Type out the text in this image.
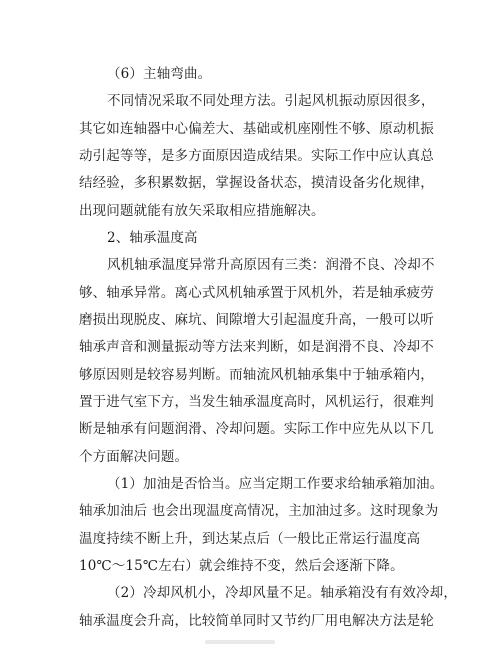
（6）主轴弯曲。
不同情况采取不同处理方法。引起风机振动原因很多，
其它如连轴器中心偏差大、基础或机座刚性不够、原动机振
动引起等等，是多方面原因造成结果。实际工作中应认真总
结经验，多积累数据，掌握设备状态，摸清设备劣化规律，
出现问题就能有放矢采取相应措施解决。
2、轴承温度高
风机轴承温度异常升高原因有三类：润滑不良、冷却不
够、轴承异常。离心式风机轴承置于风机外，若是轴承疲劳
磨损出现脱皮、麻坑、间隙增大引起温度升高，一般可以听
轴承声音和测量振动等方法来判断，如是润滑不良、冷却不
够原因则是较容易判断。而轴流风机轴承集中于轴承箱内，
置于进气室下方，当发生轴承温度高时，风机运行，很难判
断是轴承有问题润滑、冷却问题。实际工作中应先从以下几
个方面解决问题。
（1）加油是否恰当。应当定期工作要求给轴承箱加油。
轴承加油后 也会出现温度高情况，主加油过多。这时现象为
温度持续不断上升，到达某点后（一般比正常运行温度高
10℃～15℃左右）就会维持不变，然后会逐渐下降。
（2）冷却风机小，冷却风量不足。轴承箱没有有效冷却，
轴承温度会升高，比较简单同时又节约厂用电解决方法是轮
